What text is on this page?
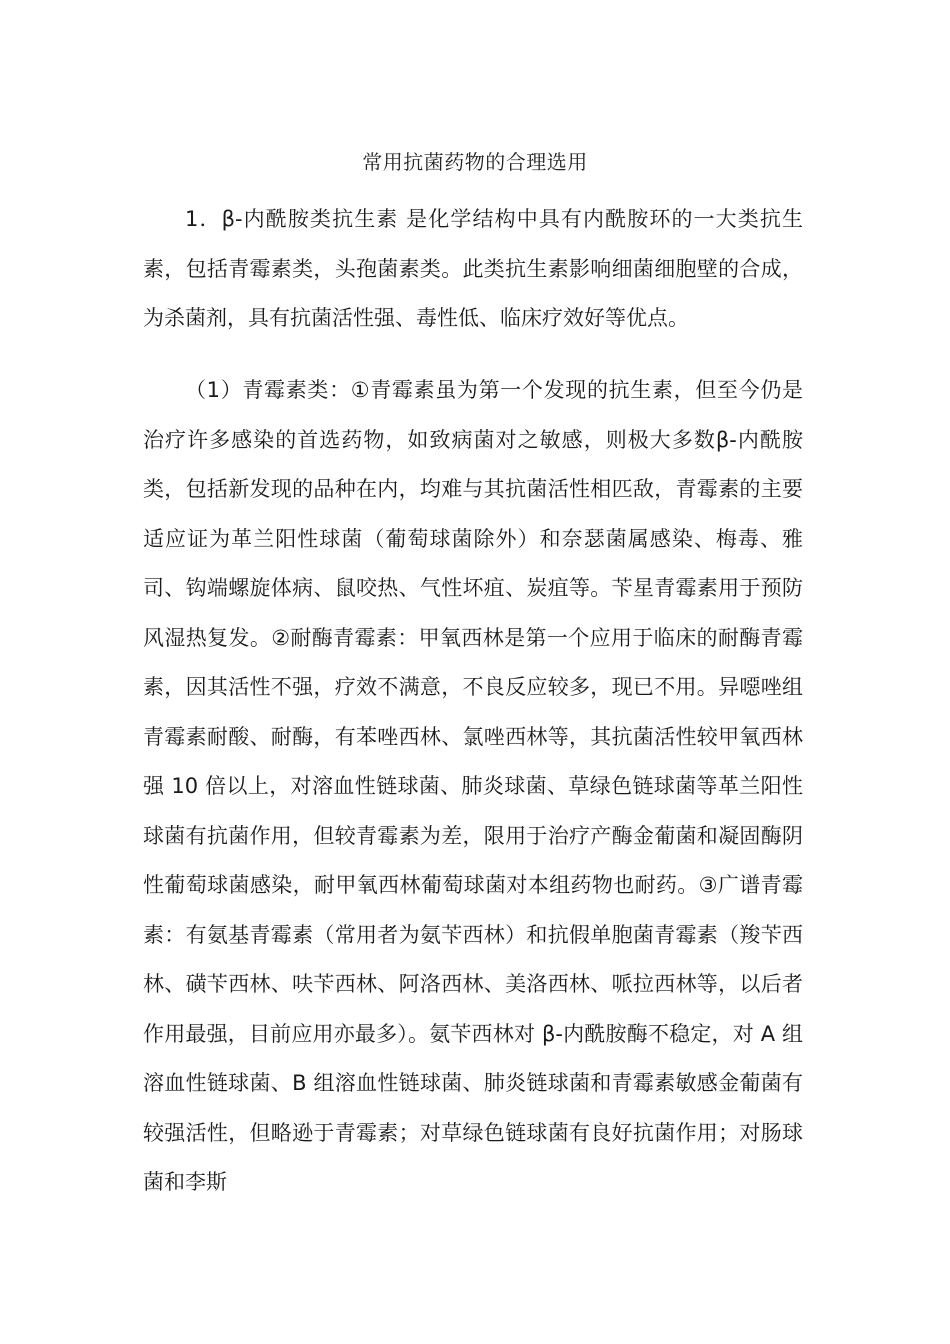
常用抗菌药物的合理选用

1．β-内酰胺类抗生素 是化学结构中具有内酰胺环的一大类抗生素，包括青霉素类，头孢菌素类。此类抗生素影响细菌细胞壁的合成，为杀菌剂，具有抗菌活性强、毒性低、临床疗效好等优点。

（1）青霉素类：①青霉素虽为第一个发现的抗生素，但至今仍是治疗许多感染的首选药物，如致病菌对之敏感，则极大多数β-内酰胺类，包括新发现的品种在内，均难与其抗菌活性相匹敌，青霉素的主要适应证为革兰阳性球菌（葡萄球菌除外）和奈瑟菌属感染、梅毒、雅司、钩端螺旋体病、鼠咬热、气性坏疽、炭疽等。苄星青霉素用于预防风湿热复发。②耐酶青霉素：甲氧西林是第一个应用于临床的耐酶青霉素，因其活性不强，疗效不满意，不良反应较多，现已不用。异噁唑组青霉素耐酸、耐酶，有苯唑西林、氯唑西林等，其抗菌活性较甲氧西林强 10 倍以上，对溶血性链球菌、肺炎球菌、草绿色链球菌等革兰阳性球菌有抗菌作用，但较青霉素为差，限用于治疗产酶金葡菌和凝固酶阴性葡萄球菌感染，耐甲氧西林葡萄球菌对本组药物也耐药。③广谱青霉素：有氨基青霉素（常用者为氨苄西林）和抗假单胞菌青霉素（羧苄西林、磺苄西林、呋苄西林、阿洛西林、美洛西林、哌拉西林等，以后者作用最强，目前应用亦最多）。氨苄西林对 β-内酰胺酶不稳定，对 A 组溶血性链球菌、B 组溶血性链球菌、肺炎链球菌和青霉素敏感金葡菌有较强活性，但略逊于青霉素；对草绿色链球菌有良好抗菌作用；对肠球菌和李斯
